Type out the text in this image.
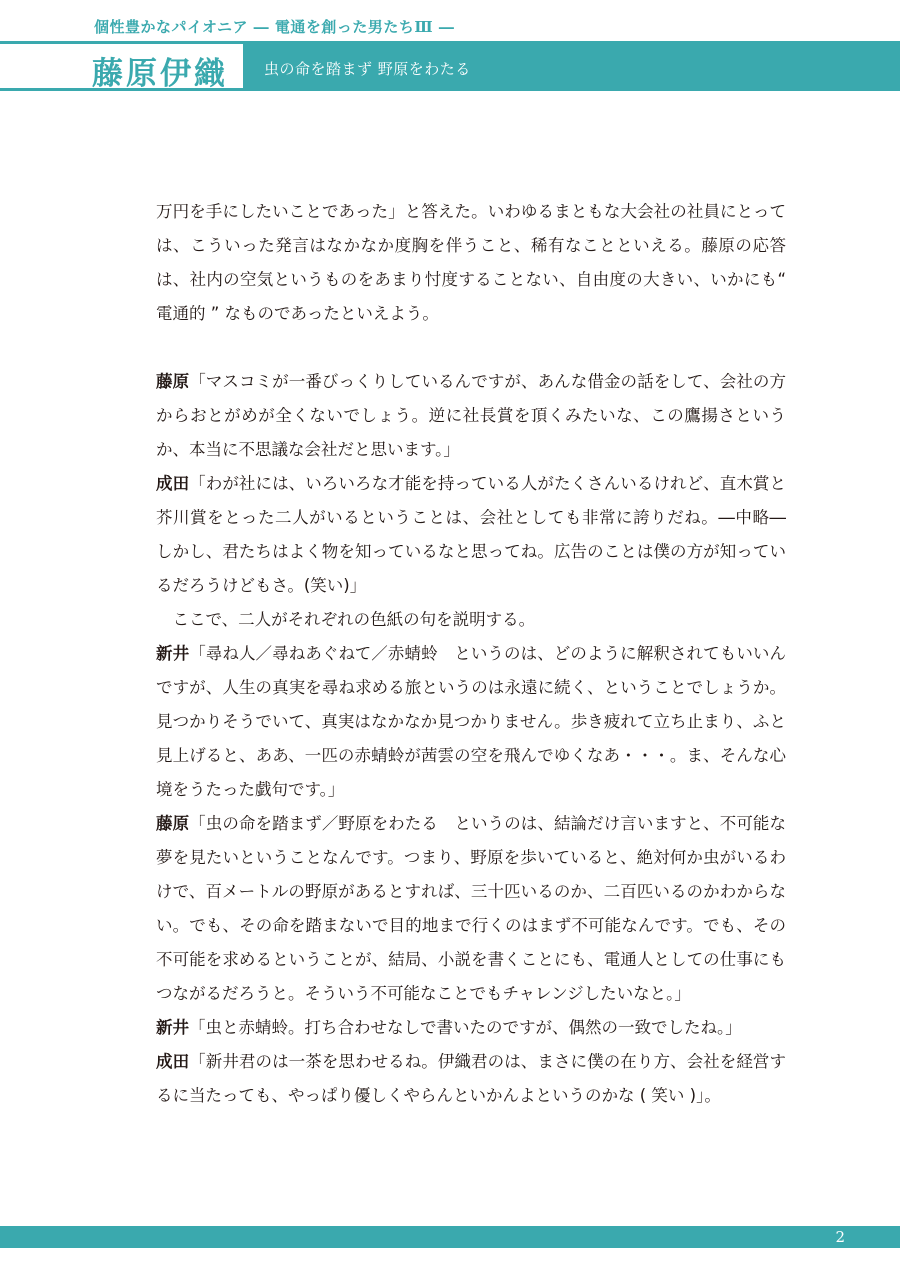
個性豊かなパイオニア ― 電通を創った男たちⅢ ―
藤原伊織 虫の命を踏まず 野原をわたる

万円を手にしたいことであった」と答えた。いわゆるまともな大会社の社員にとっては、こういった発言はなかなか度胸を伴うこと、稀有なことといえる。藤原の応答は、社内の空気というものをあまり忖度することない、自由度の大きい、いかにも“ 電通的 ” なものであったといえよう。

藤原「マスコミが一番びっくりしているんですが、あんな借金の話をして、会社の方からおとがめが全くないでしょう。逆に社長賞を頂くみたいな、この鷹揚さというか、本当に不思議な会社だと思います。」

成田「わが社には、いろいろな才能を持っている人がたくさんいるけれど、直木賞と芥川賞をとった二人がいるということは、会社としても非常に誇りだね。―中略―　しかし、君たちはよく物を知っているなと思ってね。広告のことは僕の方が知っているだろうけどもさ。(笑い)」

ここで、二人がそれぞれの色紙の句を説明する。

新井「尋ね人／尋ねあぐねて／赤蜻蛉　というのは、どのように解釈されてもいいんですが、人生の真実を尋ね求める旅というのは永遠に続く、ということでしょうか。見つかりそうでいて、真実はなかなか見つかりません。歩き疲れて立ち止まり、ふと見上げると、ああ、一匹の赤蜻蛉が茜雲の空を飛んでゆくなあ・・・。ま、そんな心境をうたった戯句です。」

藤原「虫の命を踏まず／野原をわたる　というのは、結論だけ言いますと、不可能な夢を見たいということなんです。つまり、野原を歩いていると、絶対何か虫がいるわけで、百メートルの野原があるとすれば、三十匹いるのか、二百匹いるのかわからない。でも、その命を踏まないで目的地まで行くのはまず不可能なんです。でも、その不可能を求めるということが、結局、小説を書くことにも、電通人としての仕事にもつながるだろうと。そういう不可能なことでもチャレンジしたいなと。」

新井「虫と赤蜻蛉。打ち合わせなしで書いたのですが、偶然の一致でしたね。」

成田「新井君のは一茶を思わせるね。伊織君のは、まさに僕の在り方、会社を経営するに当たっても、やっぱり優しくやらんといかんよというのかな ( 笑い )」。

2
